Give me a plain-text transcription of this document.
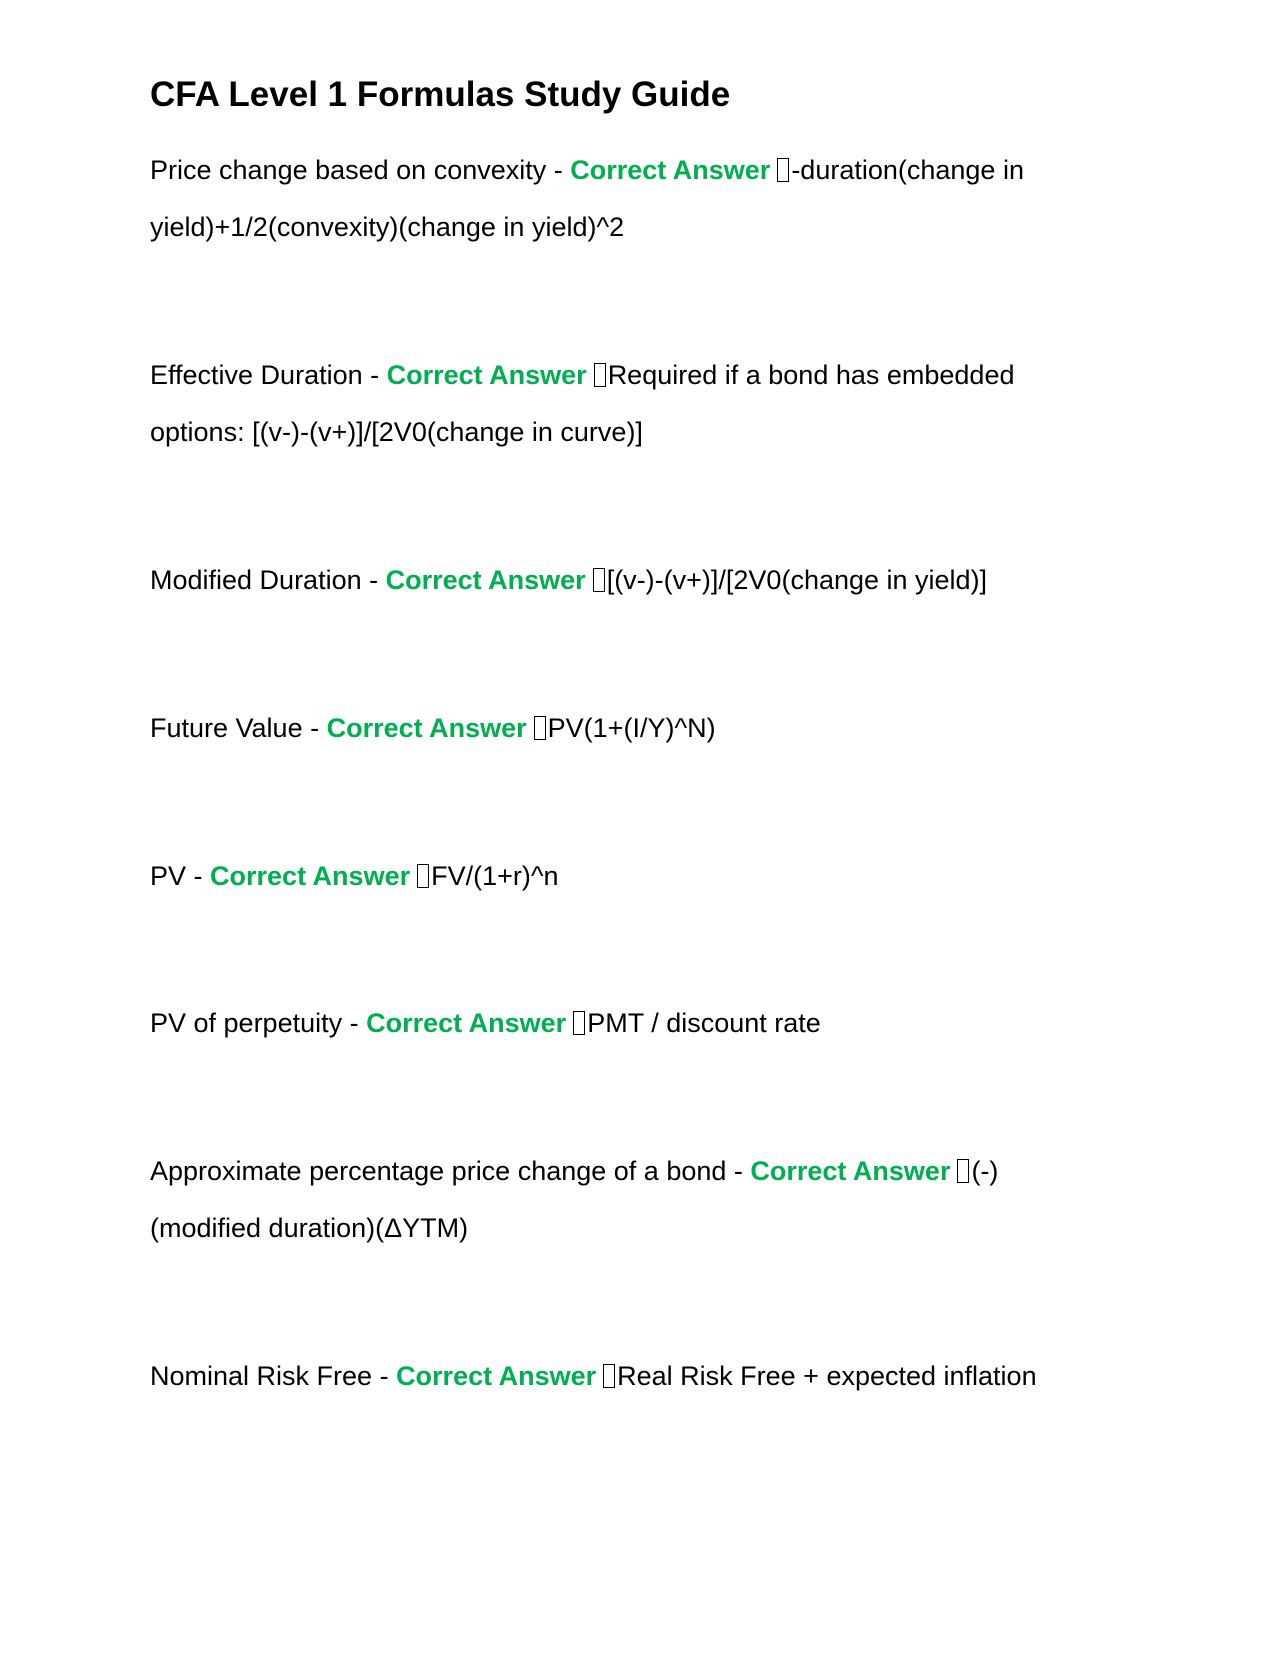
CFA Level 1 Formulas Study Guide

Price change based on convexity - Correct Answer -duration(change in yield)+1/2(convexity)(change in yield)^2

Effective Duration - Correct Answer Required if a bond has embedded options: [(v-)-(v+)]/[2V0(change in curve)]

Modified Duration - Correct Answer [(v-)-(v+)]/[2V0(change in yield)]

Future Value - Correct Answer PV(1+(I/Y)^N)

PV - Correct Answer FV/(1+r)^n

PV of perpetuity - Correct Answer PMT / discount rate

Approximate percentage price change of a bond - Correct Answer (-)(modified duration)(ΔYTM)

Nominal Risk Free - Correct Answer Real Risk Free + expected inflation
